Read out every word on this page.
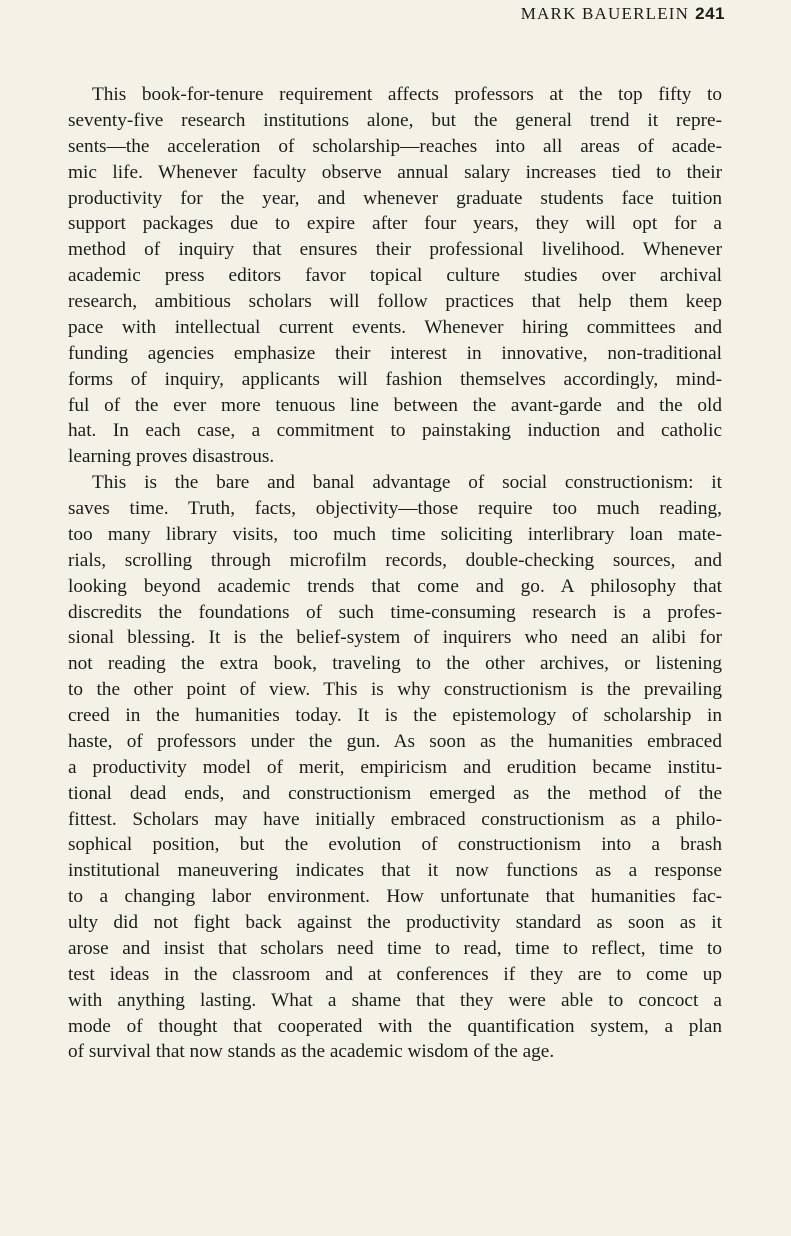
MARK BAUERLEIN 241
This book-for-tenure requirement affects professors at the top fifty to
seventy-five research institutions alone, but the general trend it repre-
sents—the acceleration of scholarship—reaches into all areas of acade-
mic life. Whenever faculty observe annual salary increases tied to their
productivity for the year, and whenever graduate students face tuition
support packages due to expire after four years, they will opt for a
method of inquiry that ensures their professional livelihood. Whenever
academic press editors favor topical culture studies over archival
research, ambitious scholars will follow practices that help them keep
pace with intellectual current events. Whenever hiring committees and
funding agencies emphasize their interest in innovative, non-traditional
forms of inquiry, applicants will fashion themselves accordingly, mind-
ful of the ever more tenuous line between the avant-garde and the old
hat. In each case, a commitment to painstaking induction and catholic
learning proves disastrous.
This is the bare and banal advantage of social constructionism: it
saves time. Truth, facts, objectivity—those require too much reading,
too many library visits, too much time soliciting interlibrary loan mate-
rials, scrolling through microfilm records, double-checking sources, and
looking beyond academic trends that come and go. A philosophy that
discredits the foundations of such time-consuming research is a profes-
sional blessing. It is the belief-system of inquirers who need an alibi for
not reading the extra book, traveling to the other archives, or listening
to the other point of view. This is why constructionism is the prevailing
creed in the humanities today. It is the epistemology of scholarship in
haste, of professors under the gun. As soon as the humanities embraced
a productivity model of merit, empiricism and erudition became institu-
tional dead ends, and constructionism emerged as the method of the
fittest. Scholars may have initially embraced constructionism as a philo-
sophical position, but the evolution of constructionism into a brash
institutional maneuvering indicates that it now functions as a response
to a changing labor environment. How unfortunate that humanities fac-
ulty did not fight back against the productivity standard as soon as it
arose and insist that scholars need time to read, time to reflect, time to
test ideas in the classroom and at conferences if they are to come up
with anything lasting. What a shame that they were able to concoct a
mode of thought that cooperated with the quantification system, a plan
of survival that now stands as the academic wisdom of the age.
